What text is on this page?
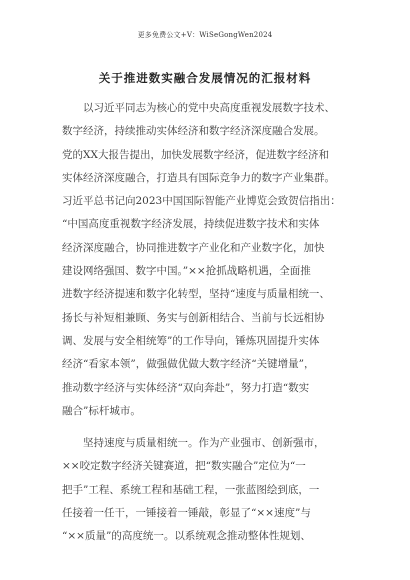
更多免费公文+V：WiSeGongWen2024
关于推进数实融合发展情况的汇报材料
以习近平同志为核心的党中央高度重视发展数字技术、
数字经济，持续推动实体经济和数字经济深度融合发展。
党的XX大报告提出，加快发展数字经济，促进数字经济和
实体经济深度融合，打造具有国际竞争力的数字产业集群。
习近平总书记向2023中国国际智能产业博览会致贺信指出：
“中国高度重视数字经济发展，持续促进数字技术和实体
经济深度融合，协同推进数字产业化和产业数字化，加快
建设网络强国、数字中国。”××抢抓战略机遇，全面推
进数字经济提速和数字化转型，坚持“速度与质量相统一、
扬长与补短相兼顾、务实与创新相结合、当前与长远相协
调、发展与安全相统筹”的工作导向，锤炼巩固提升实体
经济“看家本领”，做强做优做大数字经济“关键增量”，
推动数字经济与实体经济“双向奔赴”，努力打造“数实
融合”标杆城市。
坚持速度与质量相统一。作为产业强市、创新强市，
××咬定数字经济关键赛道，把“数实融合”定位为“一
把手”工程、系统工程和基础工程，一张蓝图绘到底，一
任接着一任干，一锤接着一锤敲，彰显了“××速度”与
“××质量”的高度统一。以系统观念推动整体性规划、
